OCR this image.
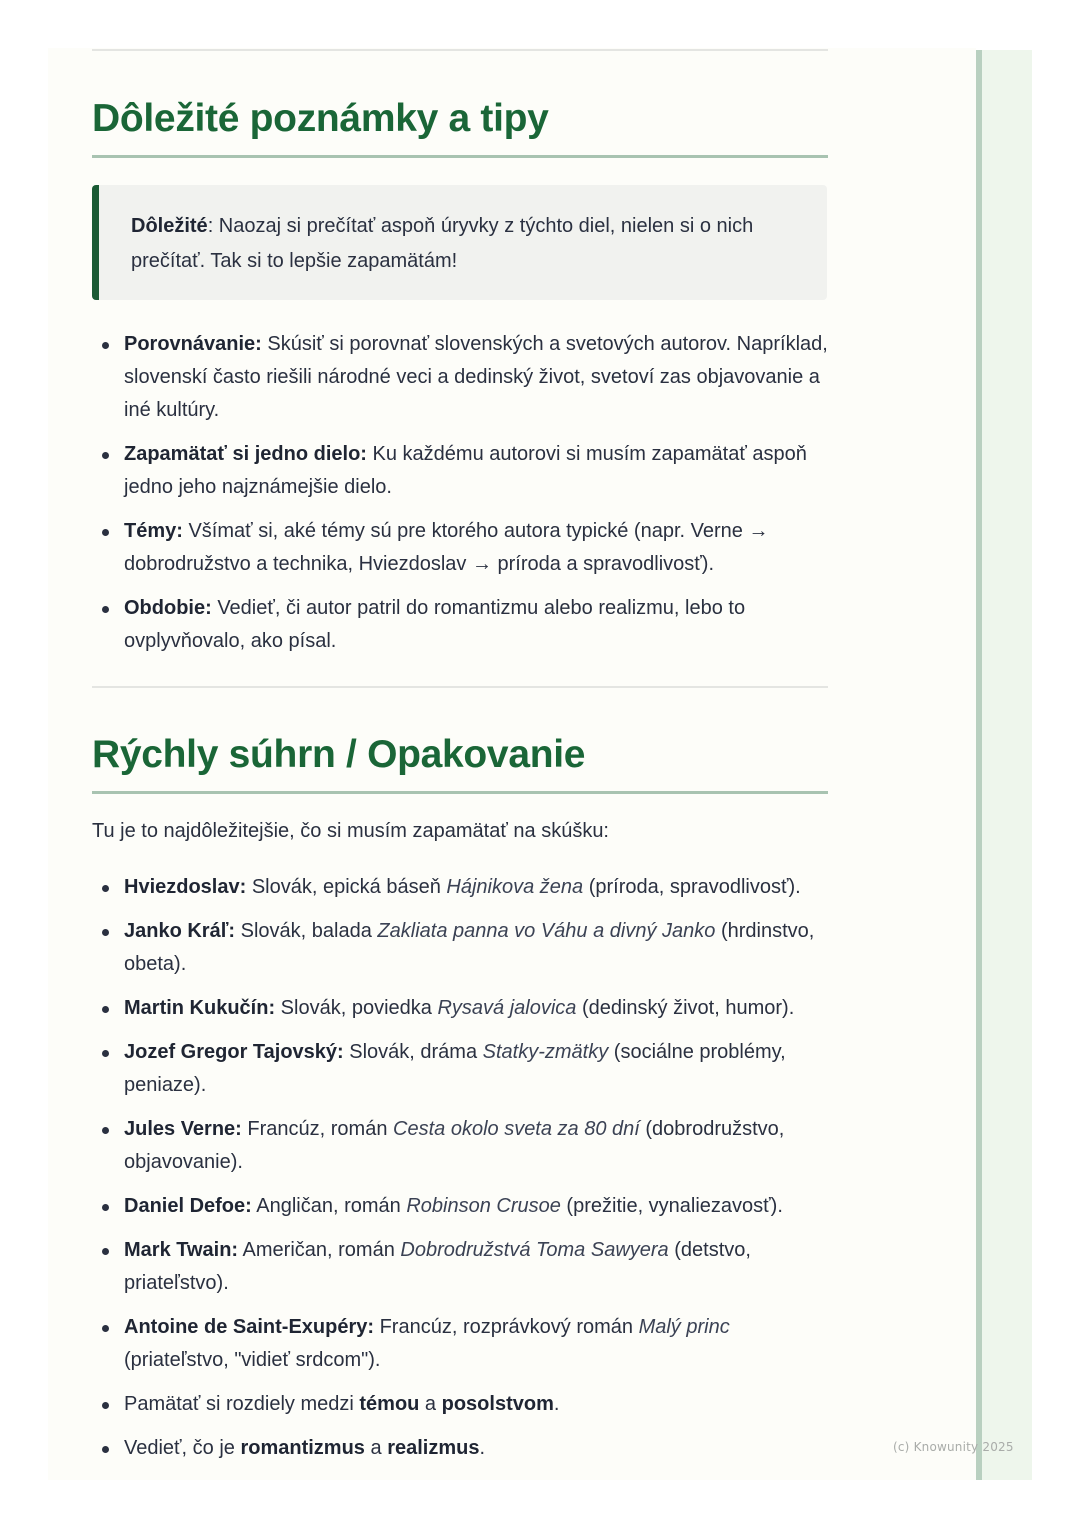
Dôležité poznámky a tipy
Dôležité: Naozaj si prečítať aspoň úryvky z týchto diel, nielen si o nich prečítať. Tak si to lepšie zapamätám!
Porovnávanie: Skúsiť si porovnať slovenských a svetových autorov. Napríklad, slovenskí často riešili národné veci a dedinský život, svetoví zas objavovanie a iné kultúry.
Zapamätať si jedno dielo: Ku každému autorovi si musím zapamätať aspoň jedno jeho najznámejšie dielo.
Témy: Všímať si, aké témy sú pre ktorého autora typické (napr. Verne → dobrodružstvo a technika, Hviezdoslav → príroda a spravodlivosť).
Obdobie: Vedieť, či autor patril do romantizmu alebo realizmu, lebo to ovplyvňovalo, ako písal.
Rýchly súhrn / Opakovanie

Tu je to najdôležitejšie, čo si musím zapamätať na skúšku:

Hviezdoslav: Slovák, epická báseň Hájnikova žena (príroda, spravodlivosť).
Janko Kráľ: Slovák, balada Zakliata panna vo Váhu a divný Janko (hrdinstvo, obeta).
Martin Kukučín: Slovák, poviedka Rysavá jalovica (dedinský život, humor).
Jozef Gregor Tajovský: Slovák, dráma Statky-zmätky (sociálne problémy, peniaze).
Jules Verne: Francúz, román Cesta okolo sveta za 80 dní (dobrodružstvo, objavovanie).
Daniel Defoe: Angličan, román Robinson Crusoe (prežitie, vynaliezavosť).
Mark Twain: Američan, román Dobrodružstvá Toma Sawyera (detstvo, priateľstvo).
Antoine de Saint-Exupéry: Francúz, rozprávkový román Malý princ (priateľstvo, "vidieť srdcom").
Pamätať si rozdiely medzi témou a posolstvom.
Vedieť, čo je romantizmus a realizmus.	(c) Knowunity 2025
